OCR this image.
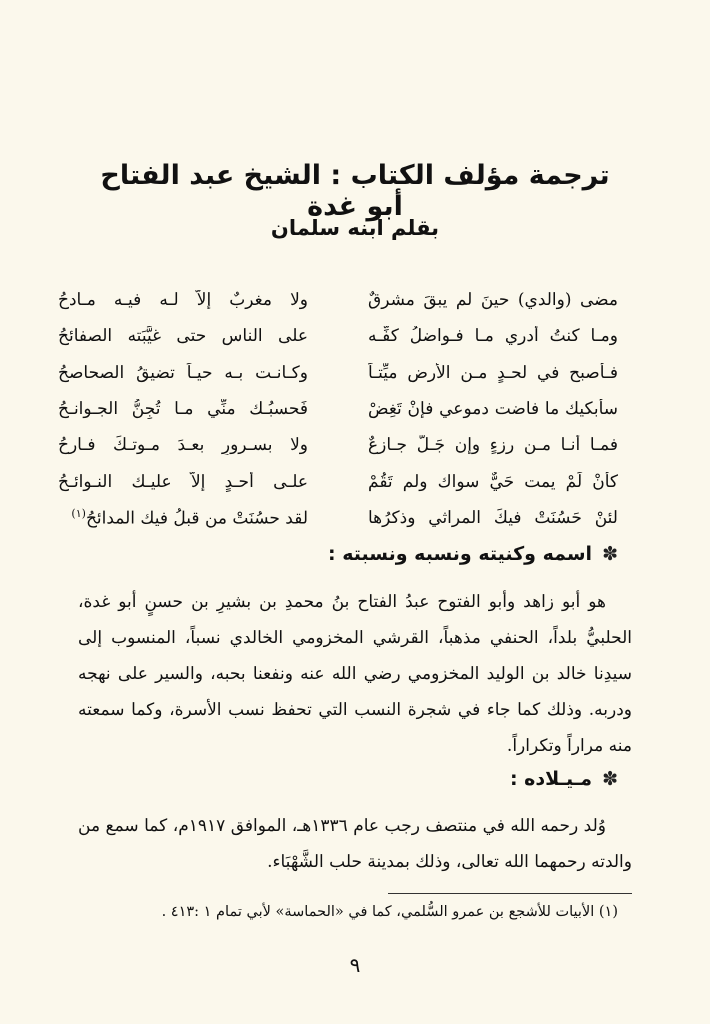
ترجمة مؤلف الكتاب : الشيخ عبد الفتاح أبو غدة
بقلم ابنه سلمان
مضى (والدي) حينَ لم يبقَ مشرقٌ
ولا مغربٌ إلاّ لـه فيـه مـادحُ
ومـا كنتُ أدري مـا فـواضلُ كفِّـه
على الناس حتى غيَّبَته الصفائحُ
فـأصبح في لحـدٍ مـن الأرض ميِّتـاً
وكـانـت بـه حيـاً تضيقُ الصحاصحُ
سأبكيك ما فاضت دموعي فإنْ تَغِضْ
فَحسبُـك منِّي مـا تُجِنُّ الجـوانـحُ
فمـا أنـا مـن رزءٍ وإن جَـلَّ جـازعٌ
ولا بسـرورٍ بعـدَ مـوتـكَ فـارحُ
كأنْ لَمْ يمت حَيٌّ سواك ولم تَقُمْ
علـى أحـدٍ إلاَّ عليـك النـوائـحُ
لئنْ حَسُنَتْ فيكَ المراثي وذكرُها
لقد حسُنَتْ من قبلُ فيك المدائحُ$^{(١)}$
✽اسمه وكنيته ونسبه ونسبته :
هو أبو زاهد وأبو الفتوح عبدُ الفتاح بنُ محمدِ بن بشيرِ بن حسنٍ أبو غدة، الحلبيُّ بلداً، الحنفي مذهباً، القرشي المخزومي الخالدي نسباً، المنسوب إلى سيدِنا خالد بن الوليد المخزومي رضي الله عنه ونفعنا بحبه، والسير على نهجه ودربه. وذلك كما جاء في شجرة النسب التي تحفظ نسب الأسرة، وكما سمعته منه مراراً وتكراراً.
✽مـيـلاده :
وُلد رحمه الله في منتصف رجب عام ١٣٣٦هـ، الموافق ١٩١٧م، كما سمع من والدته رحمهما الله تعالى، وذلك بمدينة حلب الشَّهْبَاء.
(١) الأبيات للأشجع بن عمرو السُّلمي، كما في «الحماسة» لأبي تمام ١ :٤١٣ .
٩
